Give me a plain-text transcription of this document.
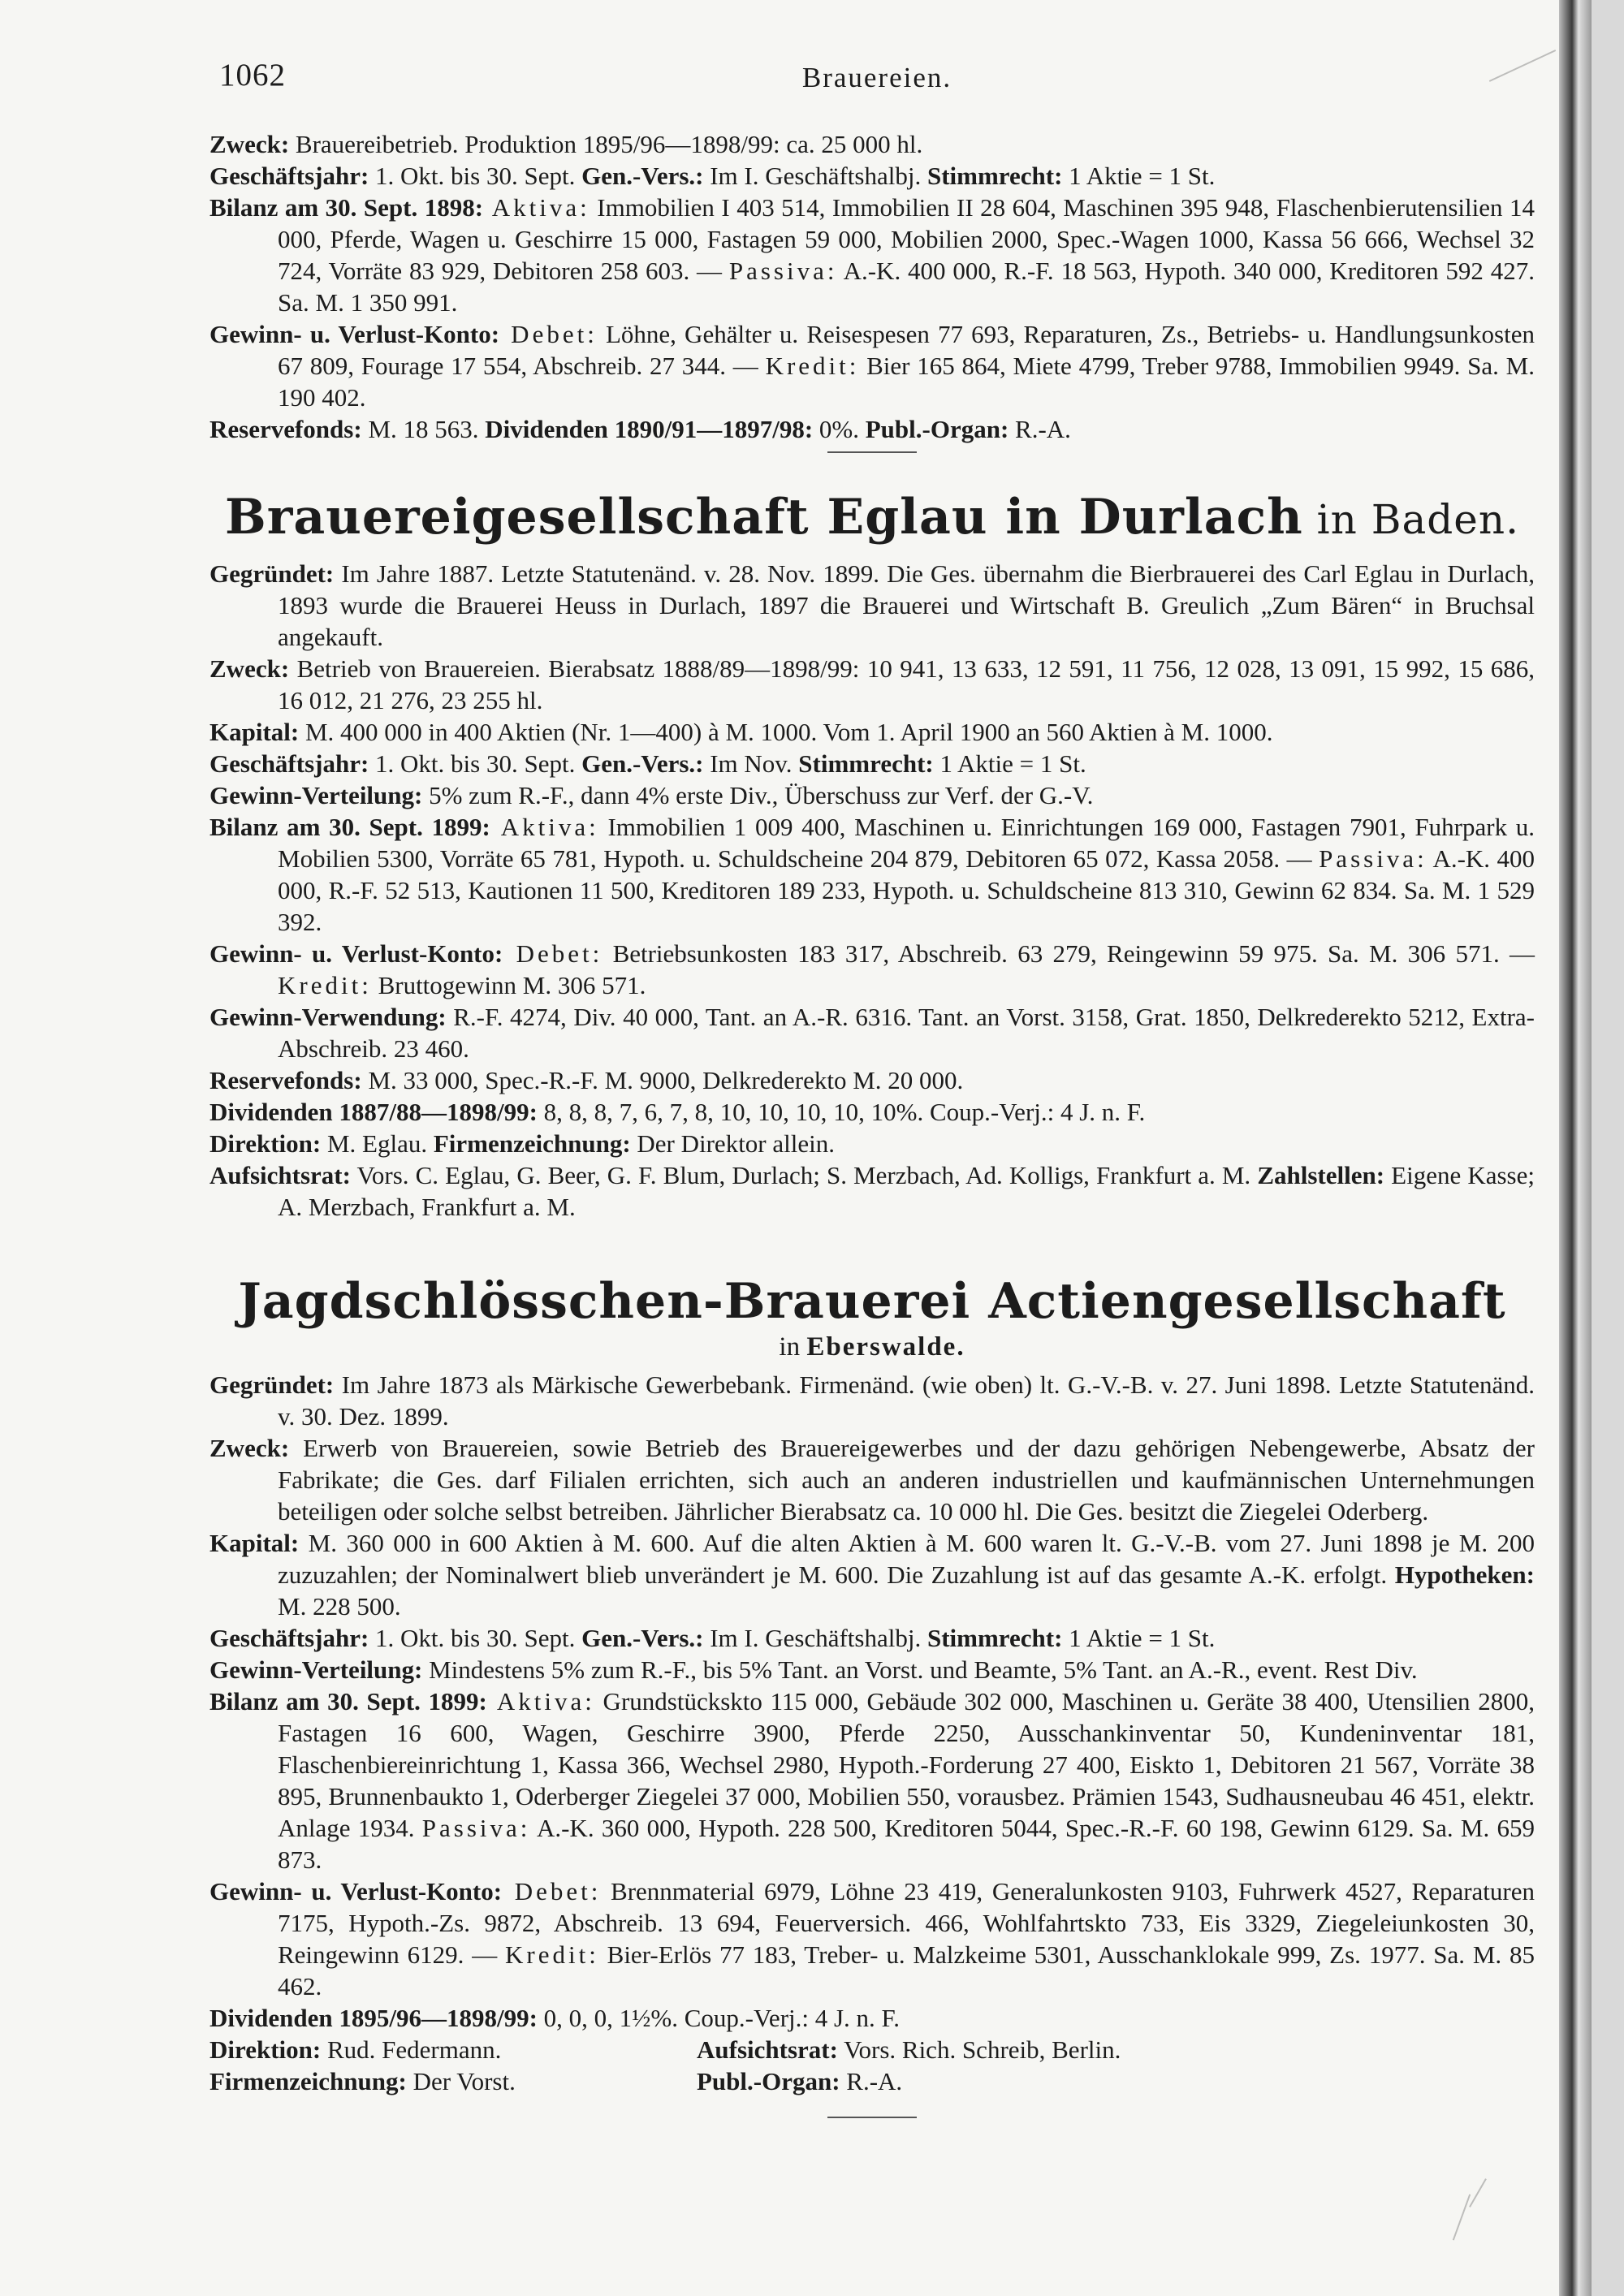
1062	Brauereien.

Zweck: Brauereibetrieb. Produktion 1895/96—1898/99: ca. 25 000 hl.

Geschäftsjahr: 1. Okt. bis 30. Sept. Gen.-Vers.: Im I. Geschäftshalbj. Stimmrecht: 1 Aktie = 1 St.

Bilanz am 30. Sept. 1898: Aktiva: Immobilien I 403 514, Immobilien II 28 604, Maschinen 395 948, Flaschenbierutensilien 14 000, Pferde, Wagen u. Geschirre 15 000, Fastagen 59 000, Mobilien 2000, Spec.-Wagen 1000, Kassa 56 666, Wechsel 32 724, Vorräte 83 929, Debitoren 258 603. — Passiva: A.-K. 400 000, R.-F. 18 563, Hypoth. 340 000, Kreditoren 592 427. Sa. M. 1 350 991.

Gewinn- u. Verlust-Konto: Debet: Löhne, Gehälter u. Reisespesen 77 693, Reparaturen, Zs., Betriebs- u. Handlungsunkosten 67 809, Fourage 17 554, Abschreib. 27 344. — Kredit: Bier 165 864, Miete 4799, Treber 9788, Immobilien 9949. Sa. M. 190 402.

Reservefonds: M. 18 563. Dividenden 1890/91—1897/98: 0%. Publ.-Organ: R.-A.

Brauereigesellschaft Eglau in Durlach in Baden.

Gegründet: Im Jahre 1887. Letzte Statutenänd. v. 28. Nov. 1899. Die Ges. übernahm die Bierbrauerei des Carl Eglau in Durlach, 1893 wurde die Brauerei Heuss in Durlach, 1897 die Brauerei und Wirtschaft B. Greulich „Zum Bären“ in Bruchsal angekauft.

Zweck: Betrieb von Brauereien. Bierabsatz 1888/89—1898/99: 10 941, 13 633, 12 591, 11 756, 12 028, 13 091, 15 992, 15 686, 16 012, 21 276, 23 255 hl.

Kapital: M. 400 000 in 400 Aktien (Nr. 1—400) à M. 1000. Vom 1. April 1900 an 560 Aktien à M. 1000.

Geschäftsjahr: 1. Okt. bis 30. Sept. Gen.-Vers.: Im Nov. Stimmrecht: 1 Aktie = 1 St.

Gewinn-Verteilung: 5% zum R.-F., dann 4% erste Div., Überschuss zur Verf. der G.-V.

Bilanz am 30. Sept. 1899: Aktiva: Immobilien 1 009 400, Maschinen u. Einrichtungen 169 000, Fastagen 7901, Fuhrpark u. Mobilien 5300, Vorräte 65 781, Hypoth. u. Schuldscheine 204 879, Debitoren 65 072, Kassa 2058. — Passiva: A.-K. 400 000, R.-F. 52 513, Kautionen 11 500, Kreditoren 189 233, Hypoth. u. Schuldscheine 813 310, Gewinn 62 834. Sa. M. 1 529 392.

Gewinn- u. Verlust-Konto: Debet: Betriebsunkosten 183 317, Abschreib. 63 279, Reingewinn 59 975. Sa. M. 306 571. — Kredit: Bruttogewinn M. 306 571.

Gewinn-Verwendung: R.-F. 4274, Div. 40 000, Tant. an A.-R. 6316. Tant. an Vorst. 3158, Grat. 1850, Delkrederekto 5212, Extra-Abschreib. 23 460.

Reservefonds: M. 33 000, Spec.-R.-F. M. 9000, Delkrederekto M. 20 000.

Dividenden 1887/88—1898/99: 8, 8, 8, 7, 6, 7, 8, 10, 10, 10, 10, 10%. Coup.-Verj.: 4 J. n. F.

Direktion: M. Eglau. Firmenzeichnung: Der Direktor allein.

Aufsichtsrat: Vors. C. Eglau, G. Beer, G. F. Blum, Durlach; S. Merzbach, Ad. Kolligs, Frankfurt a. M. Zahlstellen: Eigene Kasse; A. Merzbach, Frankfurt a. M.

Jagdschlösschen-Brauerei Actiengesellschaft
in Eberswalde.

Gegründet: Im Jahre 1873 als Märkische Gewerbebank. Firmenänd. (wie oben) lt. G.-V.-B. v. 27. Juni 1898. Letzte Statutenänd. v. 30. Dez. 1899.

Zweck: Erwerb von Brauereien, sowie Betrieb des Brauereigewerbes und der dazu gehörigen Nebengewerbe, Absatz der Fabrikate; die Ges. darf Filialen errichten, sich auch an anderen industriellen und kaufmännischen Unternehmungen beteiligen oder solche selbst betreiben. Jährlicher Bierabsatz ca. 10 000 hl. Die Ges. besitzt die Ziegelei Oderberg.

Kapital: M. 360 000 in 600 Aktien à M. 600. Auf die alten Aktien à M. 600 waren lt. G.-V.-B. vom 27. Juni 1898 je M. 200 zuzuzahlen; der Nominalwert blieb unverändert je M. 600. Die Zuzahlung ist auf das gesamte A.-K. erfolgt. Hypotheken: M. 228 500.

Geschäftsjahr: 1. Okt. bis 30. Sept. Gen.-Vers.: Im I. Geschäftshalbj. Stimmrecht: 1 Aktie = 1 St.

Gewinn-Verteilung: Mindestens 5% zum R.-F., bis 5% Tant. an Vorst. und Beamte, 5% Tant. an A.-R., event. Rest Div.

Bilanz am 30. Sept. 1899: Aktiva: Grundstücksktо 115 000, Gebäude 302 000, Maschinen u. Geräte 38 400, Utensilien 2800, Fastagen 16 600, Wagen, Geschirre 3900, Pferde 2250, Ausschankinventar 50, Kundeninventar 181, Flaschenbiereinrichtung 1, Kassa 366, Wechsel 2980, Hypoth.-Forderung 27 400, Eiskto 1, Debitoren 21 567, Vorräte 38 895, Brunnenbaukto 1, Oderberger Ziegelei 37 000, Mobilien 550, vorausbez. Prämien 1543, Sudhausneubau 46 451, elektr. Anlage 1934. Passiva: A.-K. 360 000, Hypoth. 228 500, Kreditoren 5044, Spec.-R.-F. 60 198, Gewinn 6129. Sa. M. 659 873.

Gewinn- u. Verlust-Konto: Debet: Brennmaterial 6979, Löhne 23 419, Generalunkosten 9103, Fuhrwerk 4527, Reparaturen 7175, Hypoth.-Zs. 9872, Abschreib. 13 694, Feuerversich. 466, Wohlfahrtskto 733, Eis 3329, Ziegeleiunkosten 30, Reingewinn 6129. — Kredit: Bier-Erlös 77 183, Treber- u. Malzkeime 5301, Ausschanklokale 999, Zs. 1977. Sa. M. 85 462.

Dividenden 1895/96—1898/99: 0, 0, 0, 1½%. Coup.-Verj.: 4 J. n. F.

Direktion: Rud. Federmann.	Aufsichtsrat: Vors. Rich. Schreib, Berlin.
Firmenzeichnung: Der Vorst.	Publ.-Organ: R.-A.
